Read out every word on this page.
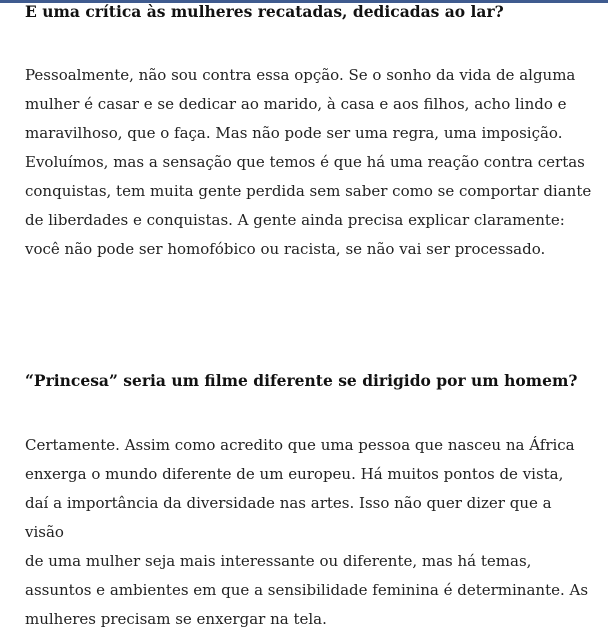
E uma crítica às mulheres recatadas, dedicadas ao lar?

Pessoalmente, não sou contra essa opção. Se o sonho da vida de alguma
mulher é casar e se dedicar ao marido, à casa e aos filhos, acho lindo e
maravilhoso, que o faça. Mas não pode ser uma regra, uma imposição.
Evoluímos, mas a sensação que temos é que há uma reação contra certas
conquistas, tem muita gente perdida sem saber como se comportar diante
de liberdades e conquistas. A gente ainda precisa explicar claramente:
você não pode ser homofóbico ou racista, se não vai ser processado.

“Princesa” seria um filme diferente se dirigido por um homem?

Certamente. Assim como acredito que uma pessoa que nasceu na África
enxerga o mundo diferente de um europeu. Há muitos pontos de vista,
daí a importância da diversidade nas artes. Isso não quer dizer que a visão
de uma mulher seja mais interessante ou diferente, mas há temas,
assuntos e ambientes em que a sensibilidade feminina é determinante. As
mulheres precisam se enxergar na tela.
